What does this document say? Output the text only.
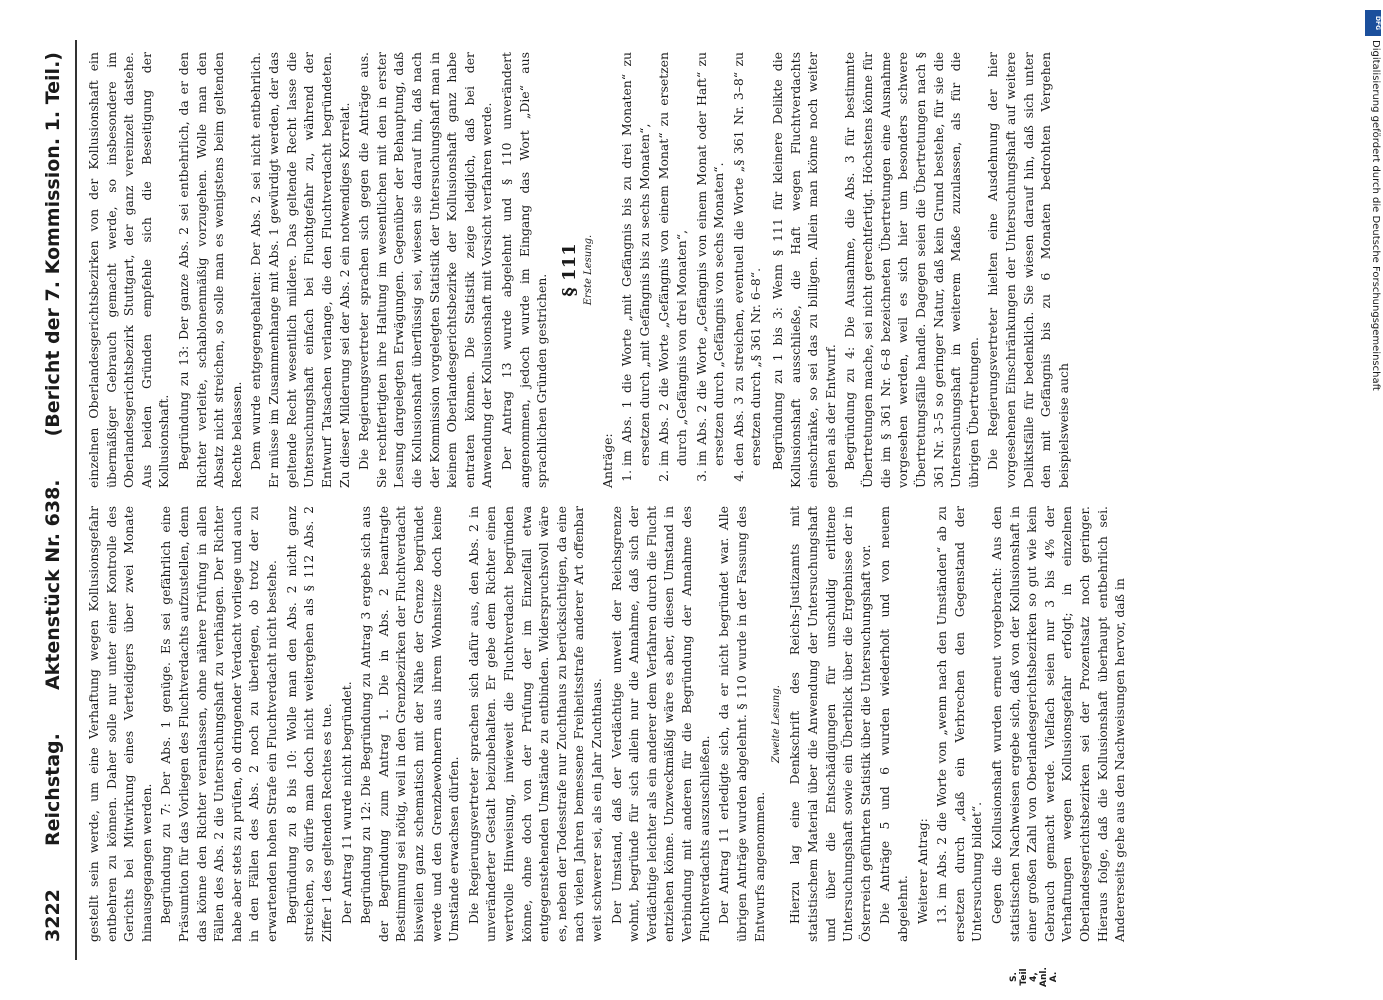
3222
Reichstag.
Aktenstück Nr. 638.
(Bericht der 7. Kommission. 1. Teil.)

gestellt sein werde, um eine Verhaftung wegen Kollusionsgefahr entbehren zu können. Daher solle nur unter einer Kontrolle des Gerichts bei Mitwirkung eines Verteidigers über zwei Monate hinausgegangen werden. Begründung zu 7: Der Abs. 1 genüge. Es sei gefährlich eine Präsumtion für das Vorliegen des Fluchtverdachts aufzustellen, denn das könne den Richter veranlassen, ohne nähere Prüfung in allen Fällen des Abs. 2 die Untersuchungshaft zu verhängen. Der Richter habe aber stets zu prüfen, ob dringender Verdacht vorliege und auch in den Fällen des Abs. 2 noch zu überlegen, ob trotz der zu erwartenden hohen Strafe ein Fluchtverdacht nicht bestehe. Begründung zu 8 bis 10: Wolle man den Abs. 2 nicht ganz streichen, so dürfe man doch nicht weitergehen als § 112 Abs. 2 Ziffer 1 des geltenden Rechtes es tue. Der Antrag 11 wurde nicht begründet. Begründung zu 12: Die Begründung zu Antrag 3 ergebe sich aus der Begründung zum Antrag 1. Die in Abs. 2 beantragte Bestimmung sei nötig, weil in den Grenzbezirken der Fluchtverdacht bisweilen ganz schematisch mit der Nähe der Grenze begründet werde und den Grenzbewohnern aus ihrem Wohnsitze doch keine Umstände erwachsen dürfen. Die Regierungsvertreter sprachen sich dafür aus, den Abs. 2 in unveränderter Gestalt beizubehalten. Er gebe dem Richter einen wertvolle Hinweisung, inwieweit die Fluchtverdacht begründen könne, ohne doch von der Prüfung der im Einzelfall etwa entgegenstehenden Umstände zu entbinden. Widerspruchsvoll wäre es, neben der Todesstrafe nur Zuchthaus zu berücksichtigen, da eine nach vielen Jahren bemessene Freiheitsstrafe anderer Art offenbar weit schwerer sei, als ein Jahr Zuchthaus. Der Umstand, daß der Verdächtige unweit der Reichsgrenze wohnt, begründe für sich allein nur die Annahme, daß sich der Verdächtige leichter als ein anderer dem Verfahren durch die Flucht entziehen könne. Unzweckmäßig wäre es aber, diesen Umstand in Verbindung mit anderen für die Begründung der Annahme des Fluchtverdachts auszuschließen. Der Antrag 11 erledigte sich, da er nicht begründet war. Alle übrigen Anträge wurden abgelehnt. § 110 wurde in der Fassung des Entwurfs angenommen.

Zweite Lesung. Hierzu lag eine Denkschrift des Reichs-Justizamts mit statistischem Material über die Anwendung der Untersuchungshaft und über die Entschädigungen für unschuldig erlittene Untersuchungshaft sowie ein Überblick über die Ergebnisse der in Österreich geführten Statistik über die Untersuchungshaft vor. Die Anträge 5 und 6 wurden wiederholt und von neuem abgelehnt. Weiterer Antrag: 13. im Abs. 2 die Worte von „wenn nach den Umständen“ ab zu ersetzen durch „daß ein Verbrechen den Gegenstand der Untersuchung bildet“. Gegen die Kollusionshaft wurden erneut vorgebracht: Aus den statistischen Nachweisen ergebe sich, daß von der Kollusionshaft in einer großen Zahl von Oberlandesgerichtsbezirken so gut wie kein Gebrauch gemacht werde. Vielfach seien nur 3 bis 4% der Verhaftungen wegen Kollusionsgefahr erfolgt; in einzelnen Oberlandesgerichtsbezirken sei der Prozentsatz noch geringer. Hieraus folge, daß die Kollusionshaft überhaupt entbehrlich sei. Andererseits gehe aus den Nachweisungen hervor, daß in

einzelnen Oberlandesgerichtsbezirken von der Kollusionshaft ein übermäßiger Gebrauch gemacht werde, so insbesondere im Oberlandesgerichtsbezirk Stuttgart, der ganz vereinzelt dastehe. Aus beiden Gründen empfehle sich die Beseitigung der Kollusionshaft. Begründung zu 13: Der ganze Abs. 2 sei entbehrlich, da er den Richter verleite, schablonenmäßig vorzugehen. Wolle man den Absatz nicht streichen, so solle man es wenigstens beim geltenden Rechte belassen. Dem wurde entgegengehalten: Der Abs. 2 sei nicht entbehrlich. Er müsse im Zusammenhange mit Abs. 1 gewürdigt werden, der das geltende Recht wesentlich mildere. Das geltende Recht lasse die Untersuchungshaft einfach bei Fluchtgefahr zu, während der Entwurf Tatsachen verlange, die den Fluchtverdacht begründeten. Zu dieser Milderung sei der Abs. 2 ein notwendiges Korrelat. Die Regierungsvertreter sprachen sich gegen die Anträge aus. Sie rechtfertigten ihre Haltung im wesentlichen mit den in erster Lesung dargelegten Erwägungen. Gegenüber der Behauptung, daß die Kollusionshaft überflüssig sei, wiesen sie darauf hin, daß nach der Kommission vorgelegten Statistik der Untersuchungshaft man in keinem Oberlandesgerichtsbezirke der Kollusionshaft ganz habe entraten können. Die Statistik zeige lediglich, daß bei der Anwendung der Kollusionshaft mit Vorsicht verfahren werde. Der Antrag 13 wurde abgelehnt und § 110 unverändert angenommen, jedoch wurde im Eingang das Wort „Die“ aus sprachlichen Gründen gestrichen.

§ 111 Erste Lesung.

Anträge: 1. im Abs. 1 die Worte „mit Gefängnis bis zu drei Monaten“ zu ersetzen durch „mit Gefängnis bis zu sechs Monaten“, 2. im Abs. 2 die Worte „Gefängnis von einem Monat“ zu ersetzen durch „Gefängnis von drei Monaten“, 3. im Abs. 2 die Worte „Gefängnis von einem Monat oder Haft“ zu ersetzen durch „Gefängnis von sechs Monaten“. 4. den Abs. 3 zu streichen, eventuell die Worte „§ 361 Nr. 3–8“ zu ersetzen durch „§ 361 Nr. 6–8“. Begründung zu 1 bis 3: Wenn § 111 für kleinere Delikte die Kollusionshaft ausschließe, die Haft wegen Fluchtverdachts einschränke, so sei das zu billigen. Allein man könne noch weiter gehen als der Entwurf. Begründung zu 4: Die Ausnahme, die Abs. 3 für bestimmte Übertretungen mache, sei nicht gerechtfertigt. Höchstens könne für die im § 361 Nr. 6–8 bezeichneten Übertretungen eine Ausnahme vorgesehen werden, weil es sich hier um besonders schwere Übertretungsfälle handle. Dagegen seien die Übertretungen nach § 361 Nr. 3–5 so geringer Natur, daß kein Grund bestehe, für sie die Untersuchungshaft in weiterem Maße zuzulassen, als für die übrigen Übertretungen. Die Regierungsvertreter hielten eine Ausdehnung der hier vorgesehenen Einschränkungen der Untersuchungshaft auf weitere Deliktsfälle für bedenklich. Sie wiesen darauf hin, daß sich unter den mit Gefängnis bis zu 6 Monaten bedrohten Vergehen beispielsweise auch

S. Teil 4, Anl. A.
DFG
Digitalisierung gefördert durch die Deutsche Forschungsgemeinschaft
